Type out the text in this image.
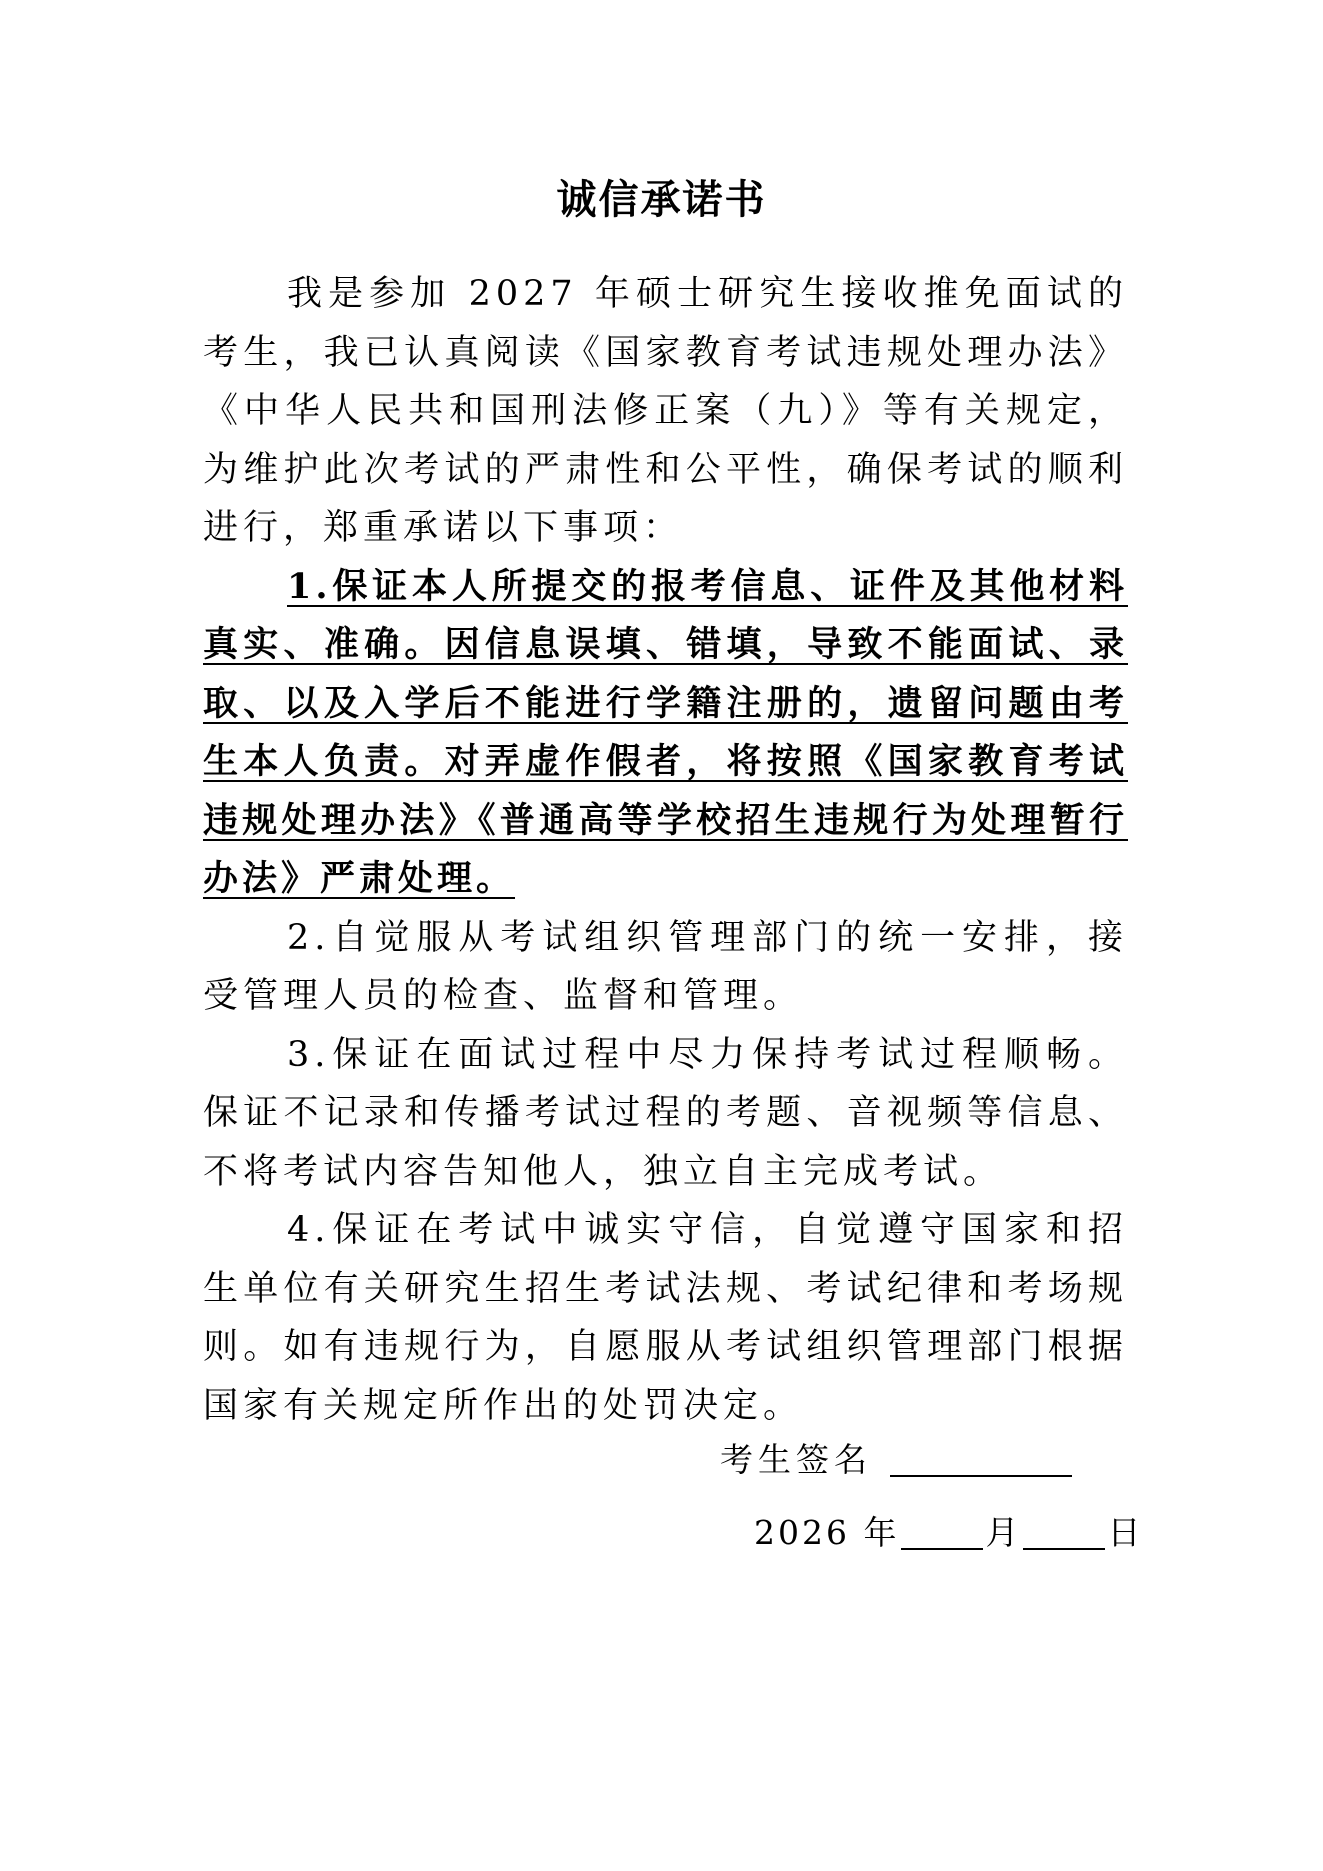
诚信承诺书

我是参加 2027 年硕士研究生接收推免面试的考生，我已认真阅读《国家教育考试违规处理办法》《中华人民共和国刑法修正案（九）》等有关规定，为维护此次考试的严肃性和公平性，确保考试的顺利进行，郑重承诺以下事项：

1.保证本人所提交的报考信息、证件及其他材料真实、准确。因信息误填、错填，导致不能面试、录取、以及入学后不能进行学籍注册的，遗留问题由考生本人负责。对弄虚作假者，将按照《国家教育考试违规处理办法》《普通高等学校招生违规行为处理暂行办法》严肃处理。

2.自觉服从考试组织管理部门的统一安排，接受管理人员的检查、监督和管理。

3.保证在面试过程中尽力保持考试过程顺畅。保证不记录和传播考试过程的考题、音视频等信息、不将考试内容告知他人，独立自主完成考试。

4.保证在考试中诚实守信，自觉遵守国家和招生单位有关研究生招生考试法规、考试纪律和考场规则。如有违规行为，自愿服从考试组织管理部门根据国家有关规定所作出的处罚决定。

考生签名
2026 年	月	日
